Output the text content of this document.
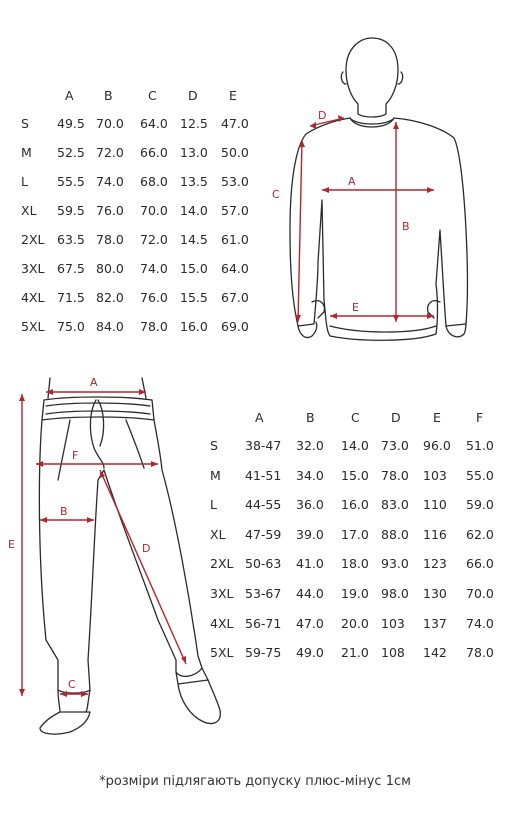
A B	C	D	E
S 49.5 70.0 64.0 12.5 47.0
M 52.5 72.0 66.0 13.0 50.0
L 55.5 74.0 68.0 13.5 53.0
XL 59.5 76.0 70.0 14.0 57.0
2XL 63.5 78.0 72.0 14.5 61.0
3XL 67.5 80.0 74.0 15.0 64.0
4XL 71.5 82.0 76.0 15.5 67.0
5XL 75.0 84.0 78.0 16.0 69.0
A	B	C	D	E	F
S 38-47 32.0 14.0 73.0 96.0 51.0
M 41-51 34.0 15.0 78.0 103 55.0
L 44-55 36.0 16.0 83.0 110 59.0
XL 47-59 39.0 17.0 88.0 116 62.0
2XL 50-63 41.0 18.0 93.0 123 66.0
3XL 53-67 44.0 19.0 98.0 130 70.0
4XL 56-71 47.0 20.0 103 137 74.0
5XL 59-75 49.0 21.0 108 142 78.0
D
C
A
B
E
A
F
B
D
E
C
*розміри підлягають допуску плюс-мінус 1см
